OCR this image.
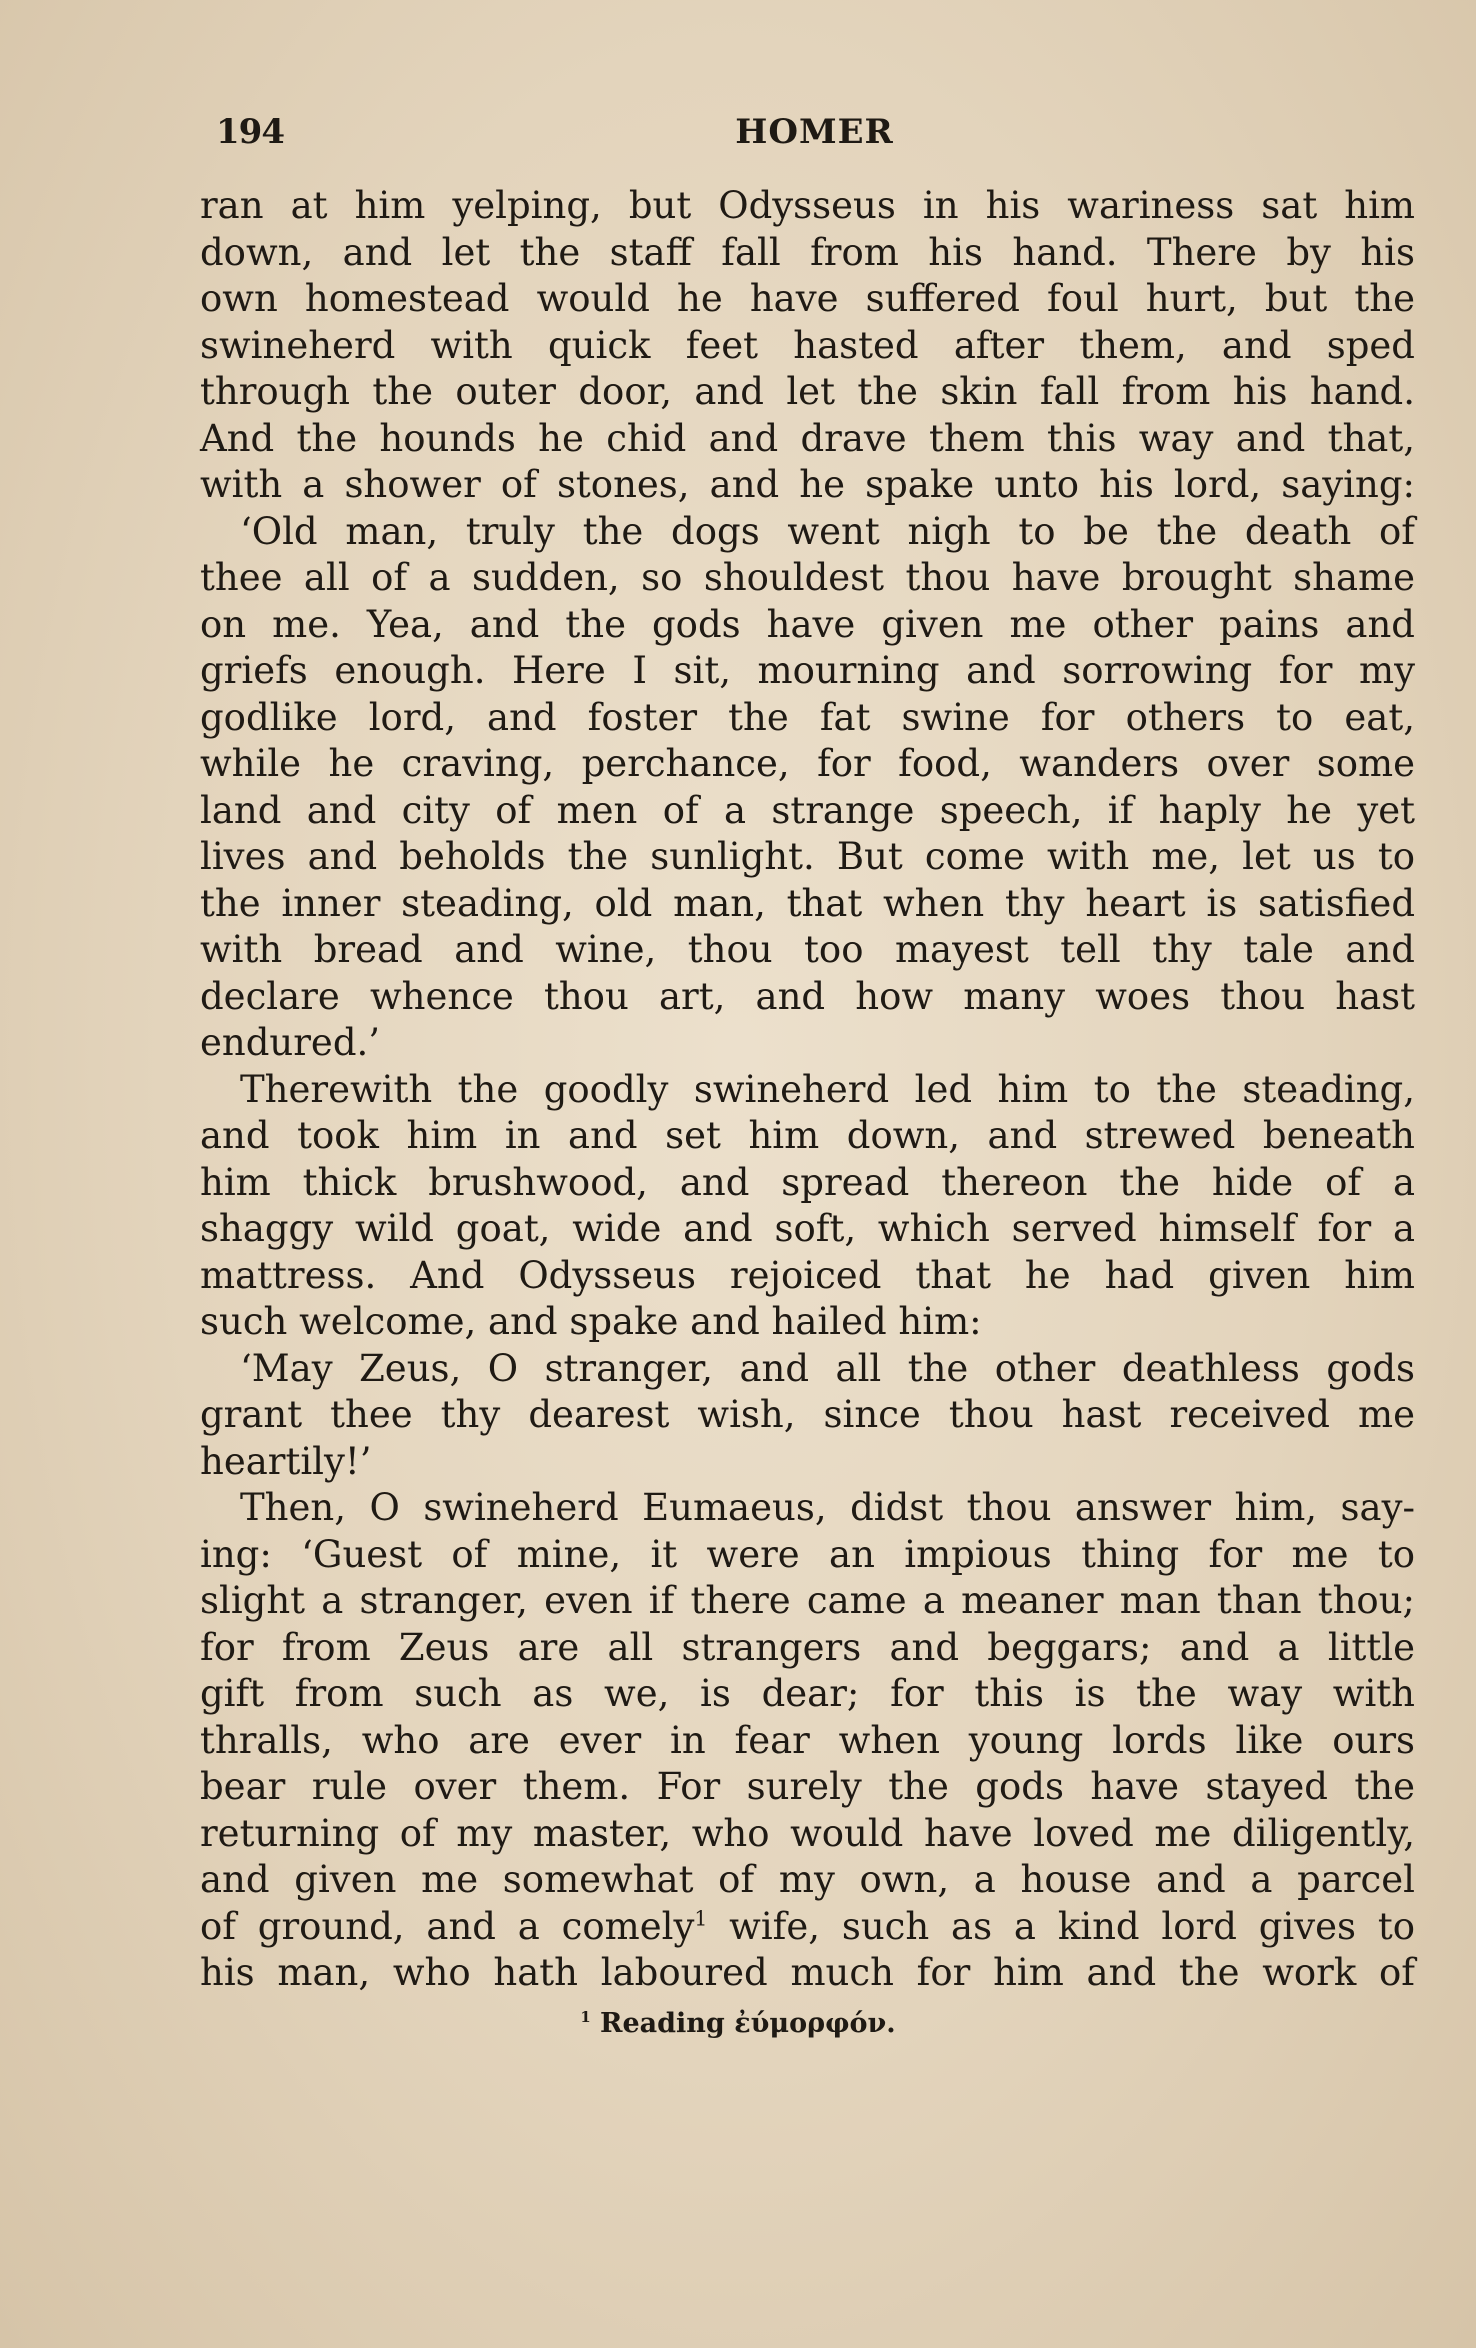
194	HOMER
ran at him yelping, but Odysseus in his wariness sat him
down, and let the staff fall from his hand. There by his
own homestead would he have suffered foul hurt, but the
swineherd with quick feet hasted after them, and sped
through the outer door, and let the skin fall from his hand.
And the hounds he chid and drave them this way and that,
with a shower of stones, and he spake unto his lord, saying:
‘Old man, truly the dogs went nigh to be the death of
thee all of a sudden, so shouldest thou have brought shame
on me. Yea, and the gods have given me other pains and
griefs enough. Here I sit, mourning and sorrowing for my
godlike lord, and foster the fat swine for others to eat,
while he craving, perchance, for food, wanders over some
land and city of men of a strange speech, if haply he yet
lives and beholds the sunlight. But come with me, let us to
the inner steading, old man, that when thy heart is satisfied
with bread and wine, thou too mayest tell thy tale and
declare whence thou art, and how many woes thou hast
endured.’
Therewith the goodly swineherd led him to the steading,
and took him in and set him down, and strewed beneath
him thick brushwood, and spread thereon the hide of a
shaggy wild goat, wide and soft, which served himself for a
mattress. And Odysseus rejoiced that he had given him
such welcome, and spake and hailed him:
‘May Zeus, O stranger, and all the other deathless gods
grant thee thy dearest wish, since thou hast received me
heartily!’
Then, O swineherd Eumaeus, didst thou answer him, say-
ing: ‘Guest of mine, it were an impious thing for me to
slight a stranger, even if there came a meaner man than thou;
for from Zeus are all strangers and beggars; and a little
gift from such as we, is dear; for this is the way with
thralls, who are ever in fear when young lords like ours
bear rule over them. For surely the gods have stayed the
returning of my master, who would have loved me diligently,
and given me somewhat of my own, a house and a parcel
of ground, and a comely$^1$ wife, such as a kind lord gives to
his man, who hath laboured much for him and the work of
$^1$ Reading ἐύμορφόν.
